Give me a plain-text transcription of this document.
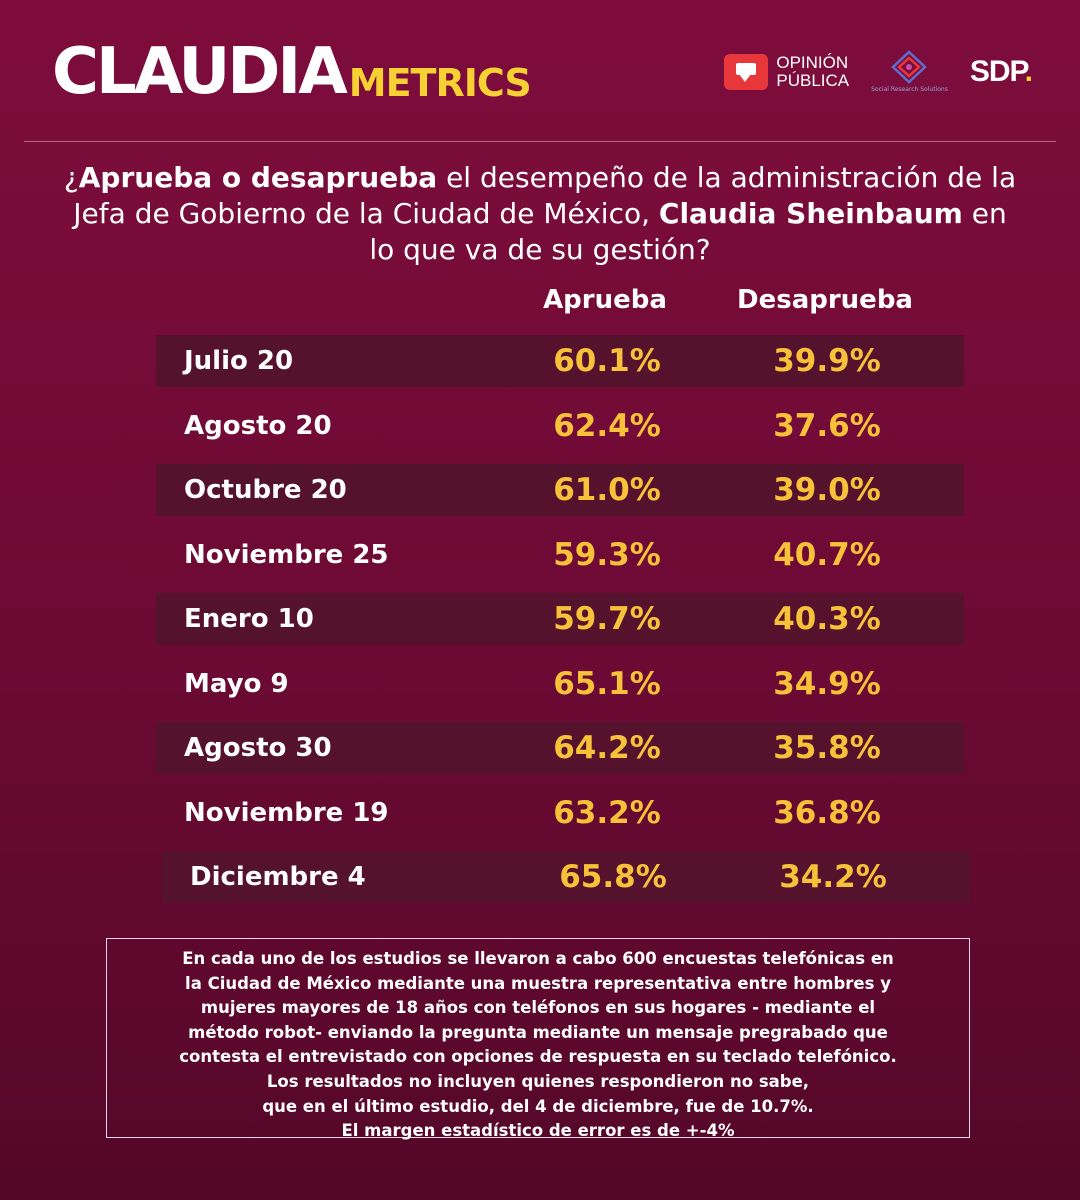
CLAUDIA METRICS	OPINIÓN
PÚBLICA	Social Research Solutions
SDP.
¿Aprueba o desaprueba el desempeño de la administración de la Jefa de Gobierno de la Ciudad de México, Claudia Sheinbaum en lo que va de su gestión?
Aprueba	Desaprueba
Julio 20	60.1%	39.9%
Agosto 20	62.4%	37.6%
Octubre 20	61.0%	39.0%
Noviembre 25	59.3%	40.7%
Enero 10	59.7%	40.3%
Mayo 9	65.1%	34.9%
Agosto 30	64.2%	35.8%
Noviembre 19	63.2%	36.8%
Diciembre 4	65.8%	34.2%
En cada uno de los estudios se llevaron a cabo 600 encuestas telefónicas en
la Ciudad de México mediante una muestra representativa entre hombres y
mujeres mayores de 18 años con teléfonos en sus hogares - mediante el
método robot- enviando la pregunta mediante un mensaje pregrabado que
contesta el entrevistado con opciones de respuesta en su teclado telefónico.
Los resultados no incluyen quienes respondieron no sabe,
que en el último estudio, del 4 de diciembre, fue de 10.7%.
El margen estadístico de error es de +-4%
